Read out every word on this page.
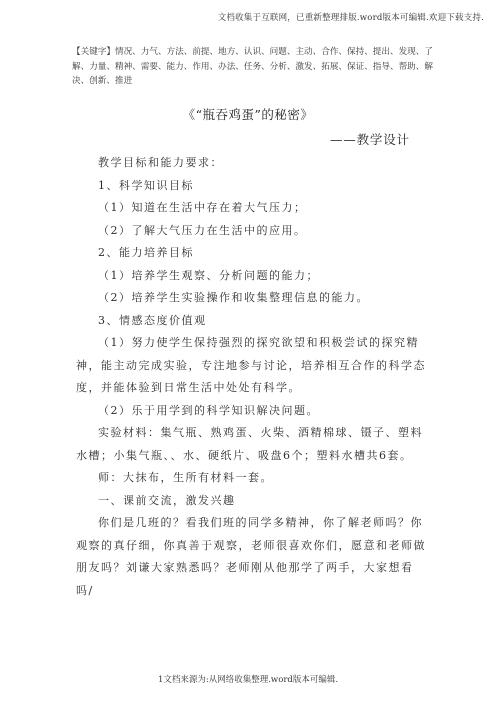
文档收集于互联网，已重新整理排版.word版本可编辑.欢迎下载支持.
【关键字】情况、力气、方法、前提、地方、认识、问题、主动、合作、保持、提出、发现、了解、力量、精神、需要、能力、作用、办法、任务、分析、激发、拓展、保证、指导、帮助、解决、创新、推进
《“瓶吞鸡蛋”的秘密》
——教学设计

教学目标和能力要求：

1、科学知识目标

（1）知道在生活中存在着大气压力；

（2）了解大气压力在生活中的应用。

2、能力培养目标

（1）培养学生观察、分析问题的能力；

（2）培养学生实验操作和收集整理信息的能力。

3、情感态度价值观

（1）努力使学生保持强烈的探究欲望和积极尝试的探究精神，能主动完成实验，专注地参与讨论，培养相互合作的科学态度，并能体验到日常生活中处处有科学。

（2）乐于用学到的科学知识解决问题。

实验材料：集气瓶、熟鸡蛋、火柴、酒精棉球、镊子、塑料水槽；小集气瓶、、水、硬纸片、吸盘6个；塑料水槽共6套。

师：大抹布，生所有材料一套。

一、课前交流，激发兴趣

你们是几班的？看我们班的同学多精神，你了解老师吗？你观察的真仔细，你真善于观察，老师很喜欢你们，愿意和老师做朋友吗？刘谦大家熟悉吗？老师刚从他那学了两手，大家想看吗/

1文档来源为:从网络收集整理.word版本可编辑.
